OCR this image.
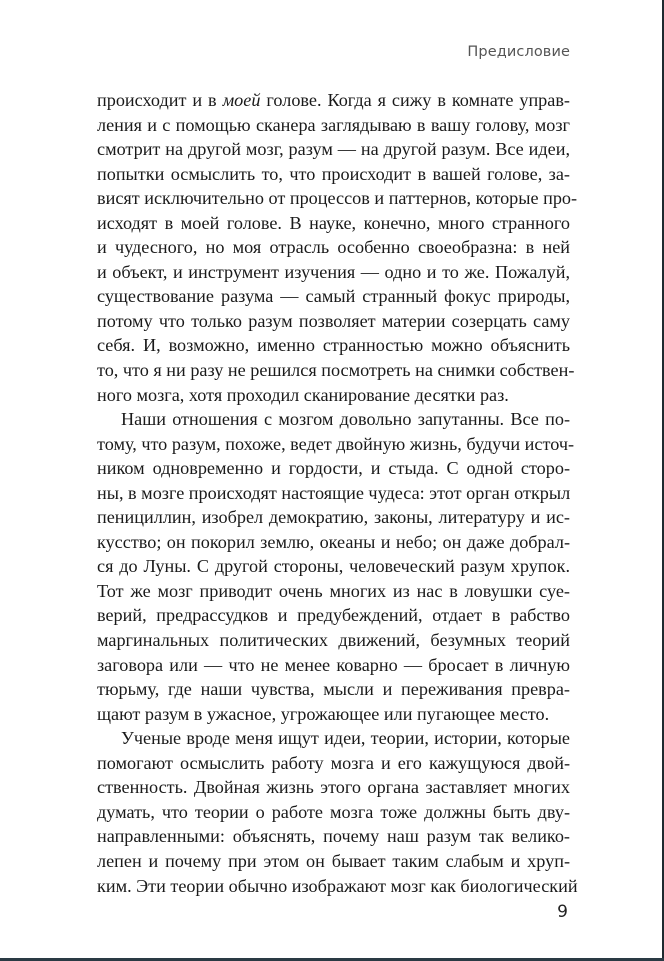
Предисловие
происходит и в моей голове. Когда я сижу в комнате управ-
ления и с помощью сканера заглядываю в вашу голову, мозг
смотрит на другой мозг, разум — на другой разум. Все идеи,
попытки осмыслить то, что происходит в вашей голове, за-
висят исключительно от процессов и паттернов, которые про-
исходят в моей голове. В науке, конечно, много странного
и чудесного, но моя отрасль особенно своеобразна: в ней
и объект, и инструмент изучения — одно и то же. Пожалуй,
существование разума — самый странный фокус природы,
потому что только разум позволяет материи созерцать саму
себя. И, возможно, именно странностью можно объяснить
то, что я ни разу не решился посмотреть на снимки собствен-
ного мозга, хотя проходил сканирование десятки раз.
Наши отношения с мозгом довольно запутанны. Все по-
тому, что разум, похоже, ведет двойную жизнь, будучи источ-
ником одновременно и гордости, и стыда. С одной сторо-
ны, в мозге происходят настоящие чудеса: этот орган открыл
пенициллин, изобрел демократию, законы, литературу и ис-
кусство; он покорил землю, океаны и небо; он даже добрал-
ся до Луны. С другой стороны, человеческий разум хрупок.
Тот же мозг приводит очень многих из нас в ловушки суе-
верий, предрассудков и предубеждений, отдает в рабство
маргинальных политических движений, безумных теорий
заговора или — что не менее коварно — бросает в личную
тюрьму, где наши чувства, мысли и переживания превра-
щают разум в ужасное, угрожающее или пугающее место.
Ученые вроде меня ищут идеи, теории, истории, которые
помогают осмыслить работу мозга и его кажущуюся двой-
ственность. Двойная жизнь этого органа заставляет многих
думать, что теории о работе мозга тоже должны быть дву-
направленными: объяснять, почему наш разум так велико-
лепен и почему при этом он бывает таким слабым и хруп-
ким. Эти теории обычно изображают мозг как биологический
9
